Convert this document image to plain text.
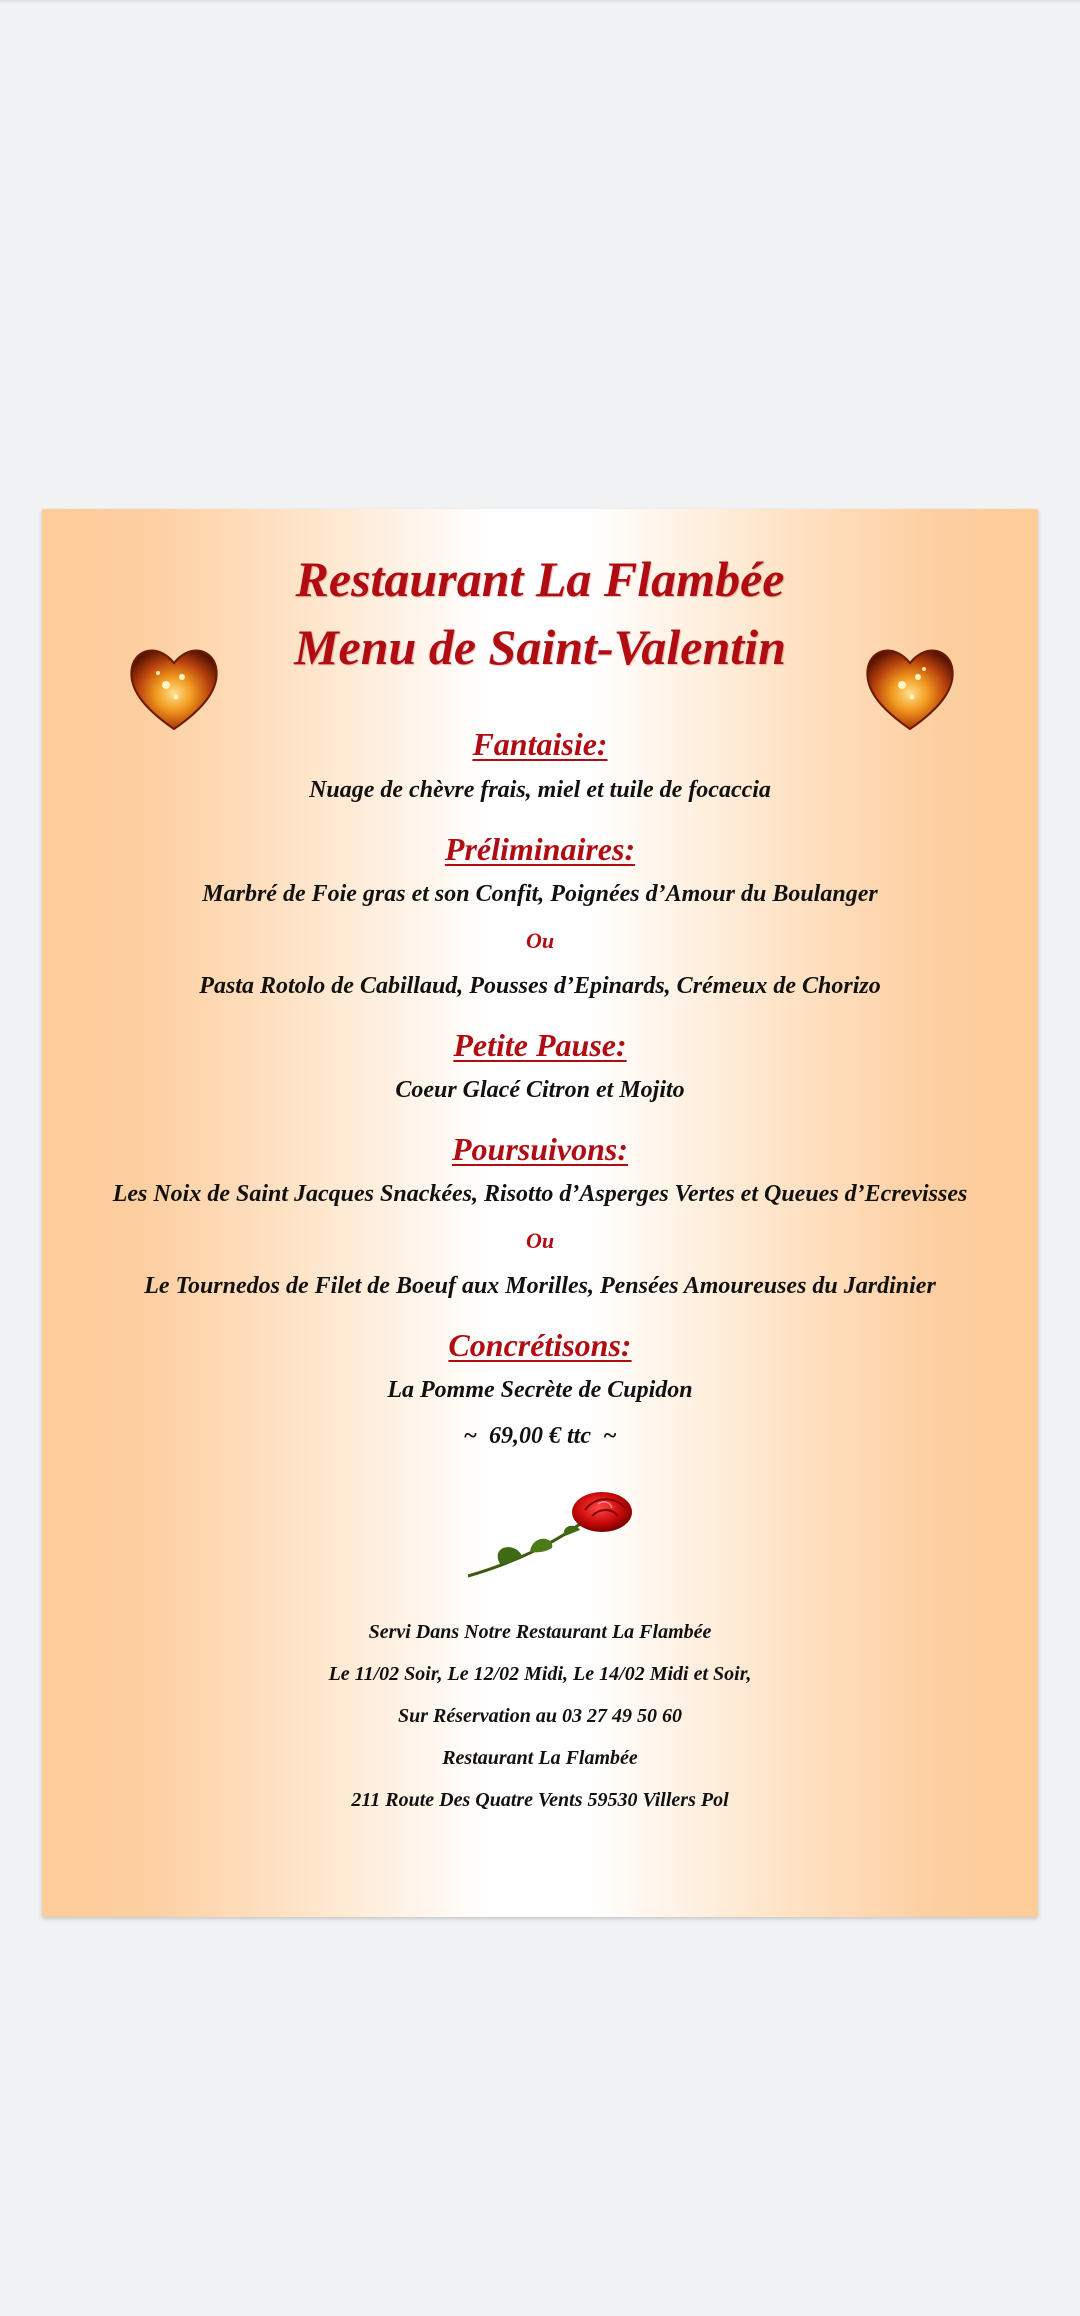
Restaurant La Flambée
Menu de Saint-Valentin
Fantaisie:
Nuage de chèvre frais, miel et tuile de focaccia
Préliminaires:
Marbré de Foie gras et son Confit, Poignées d’Amour du Boulanger
Ou
Pasta Rotolo de Cabillaud, Pousses d’Epinards, Crémeux de Chorizo
Petite Pause:
Coeur Glacé Citron et Mojito
Poursuivons:
Les Noix de Saint Jacques Snackées, Risotto d’Asperges Vertes et Queues d’Ecrevisses
Ou
Le Tournedos de Filet de Boeuf aux Morilles, Pensées Amoureuses du Jardinier
Concrétisons:
La Pomme Secrète de Cupidon
~  69,00 € ttc  ~
Servi Dans Notre Restaurant La Flambée
Le 11/02 Soir, Le 12/02 Midi, Le 14/02 Midi et Soir,
Sur Réservation au 03 27 49 50 60
Restaurant La Flambée
211 Route Des Quatre Vents 59530 Villers Pol
